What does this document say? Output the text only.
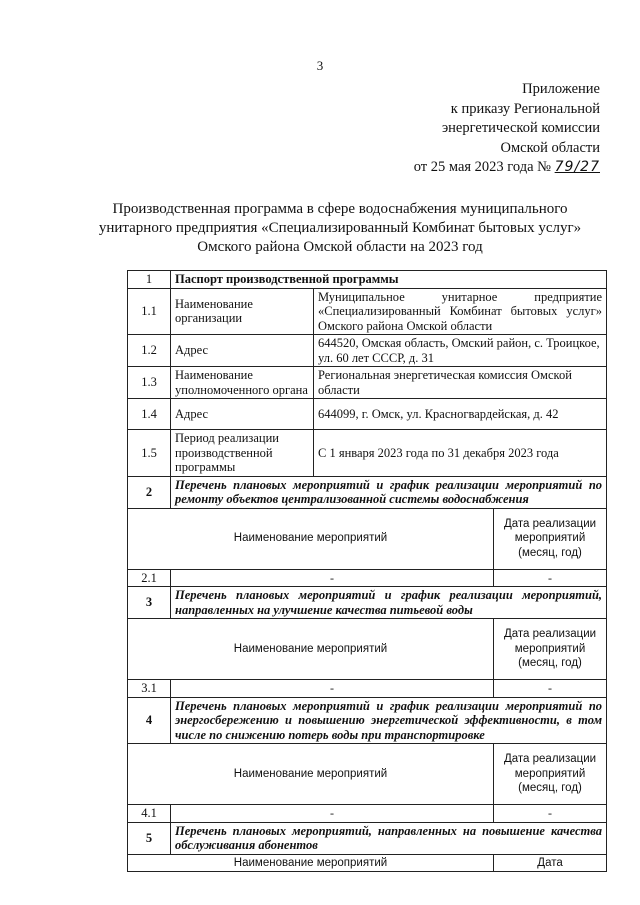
3
Приложение
к приказу Региональной
энергетической комиссии
Омской области
от 25 мая 2023 года № 79/27
Производственная программа в сфере водоснабжения муниципального
унитарного предприятия «Специализированный Комбинат бытовых услуг»
Омского района Омской области на 2023 год
1	Паспорт производственной программы		
1.1	Наименование организации	Муниципальное унитарное предприятие «Специализированный Комбинат бытовых услуг» Омского района Омской области	
1.2	Адрес	644520, Омская область, Омский район, с. Троицкое, ул. 60 лет СССР, д. 31	
1.3	Наименование уполномоченного органа	Региональная энергетическая комиссия Омской области	
1.4	Адрес	644099, г. Омск, ул. Красногвардейская, д. 42	
1.5	Период реализации производственной программы	С 1 января 2023 года по 31 декабря 2023 года	
2	Перечень плановых мероприятий и график реализации мероприятий по ремонту объектов централизованной системы водоснабжения		
Наименование мероприятий			Дата реализации мероприятий (месяц, год)
2.1	-		-
3	Перечень плановых мероприятий и график реализации мероприятий, направленных на улучшение качества питьевой воды		
Наименование мероприятий			Дата реализации мероприятий (месяц, год)
3.1	-		-
4	Перечень плановых мероприятий и график реализации мероприятий по энергосбережению и повышению энергетической эффективности, в том числе по снижению потерь воды при транспортировке		
Наименование мероприятий			Дата реализации мероприятий (месяц, год)
4.1	-		-
5	Перечень плановых мероприятий, направленных на повышение качества обслуживания абонентов		
Наименование мероприятий			Дата
